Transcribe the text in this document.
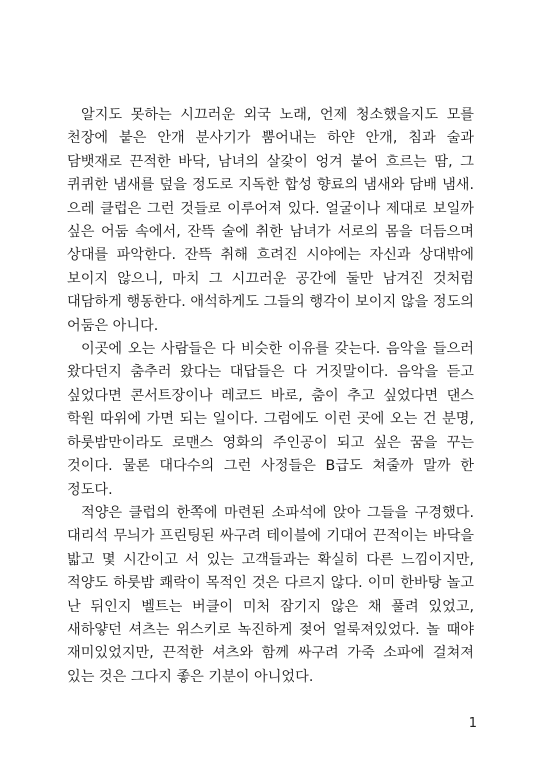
알지도 못하는 시끄러운 외국 노래, 언제 청소했을지도 모를 천장에 붙은 안개 분사기가 뿜어내는 하얀 안개, 침과 술과 담뱃재로 끈적한 바닥, 남녀의 살갗이 엉겨 붙어 흐르는 땀, 그 퀴퀴한 냄새를 덮을 정도로 지독한 합성 향료의 냄새와 담배 냄새. 으레 클럽은 그런 것들로 이루어져 있다. 얼굴이나 제대로 보일까 싶은 어둠 속에서, 잔뜩 술에 취한 남녀가 서로의 몸을 더듬으며 상대를 파악한다. 잔뜩 취해 흐려진 시야에는 자신과 상대밖에 보이지 않으니, 마치 그 시끄러운 공간에 둘만 남겨진 것처럼 대담하게 행동한다. 애석하게도 그들의 행각이 보이지 않을 정도의 어둠은 아니다.

이곳에 오는 사람들은 다 비슷한 이유를 갖는다. 음악을 들으러 왔다던지 춤추러 왔다는 대답들은 다 거짓말이다. 음악을 듣고 싶었다면 콘서트장이나 레코드 바로, 춤이 추고 싶었다면 댄스 학원 따위에 가면 되는 일이다. 그럼에도 이런 곳에 오는 건 분명, 하룻밤만이라도 로맨스 영화의 주인공이 되고 싶은 꿈을 꾸는 것이다. 물론 대다수의 그런 사정들은 B급도 쳐줄까 말까 한 정도다.

적양은 클럽의 한쪽에 마련된 소파석에 앉아 그들을 구경했다. 대리석 무늬가 프린팅된 싸구려 테이블에 기대어 끈적이는 바닥을 밟고 몇 시간이고 서 있는 고객들과는 확실히 다른 느낌이지만, 적양도 하룻밤 쾌락이 목적인 것은 다르지 않다. 이미 한바탕 놀고 난 뒤인지 벨트는 버클이 미처 잠기지 않은 채 풀려 있었고, 새하얗던 셔츠는 위스키로 녹진하게 젖어 얼룩져있었다. 놀 때야 재미있었지만, 끈적한 셔츠와 함께 싸구려 가죽 소파에 걸쳐져 있는 것은 그다지 좋은 기분이 아니었다.

1
